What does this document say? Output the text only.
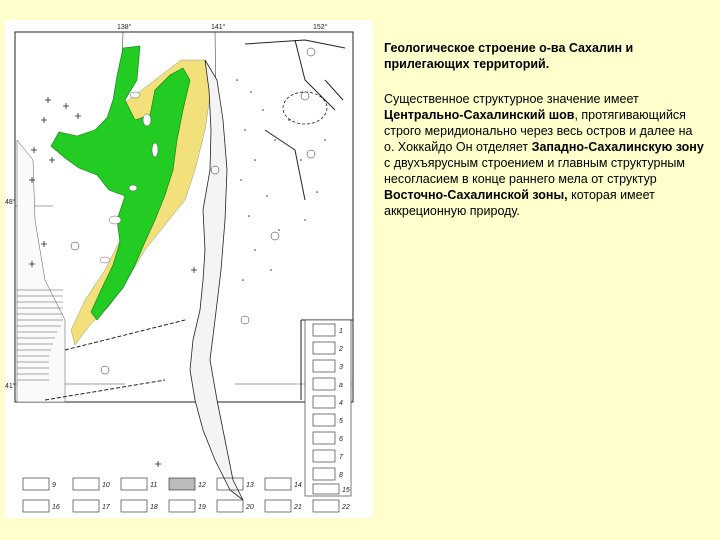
138°	141°	152°
48°
41°
1
2
3
а
4
5
6
7
8
9	10	11	12	13	14
15
16	17	18	19	20	21	22

Геологическое строение о-ва Сахалин и прилегающих территорий.

Существенное структурное значение имеет Центрально-Сахалинский шов, протягивающийся строго меридионально через весь остров и далее на о. Хоккайдо Он отделяет Западно-Сахалинскую зону с двухъярусным строением и главным структурным несогласием в конце раннего мела от структур Восточно-Сахалинской зоны, которая имеет аккреционную природу.
